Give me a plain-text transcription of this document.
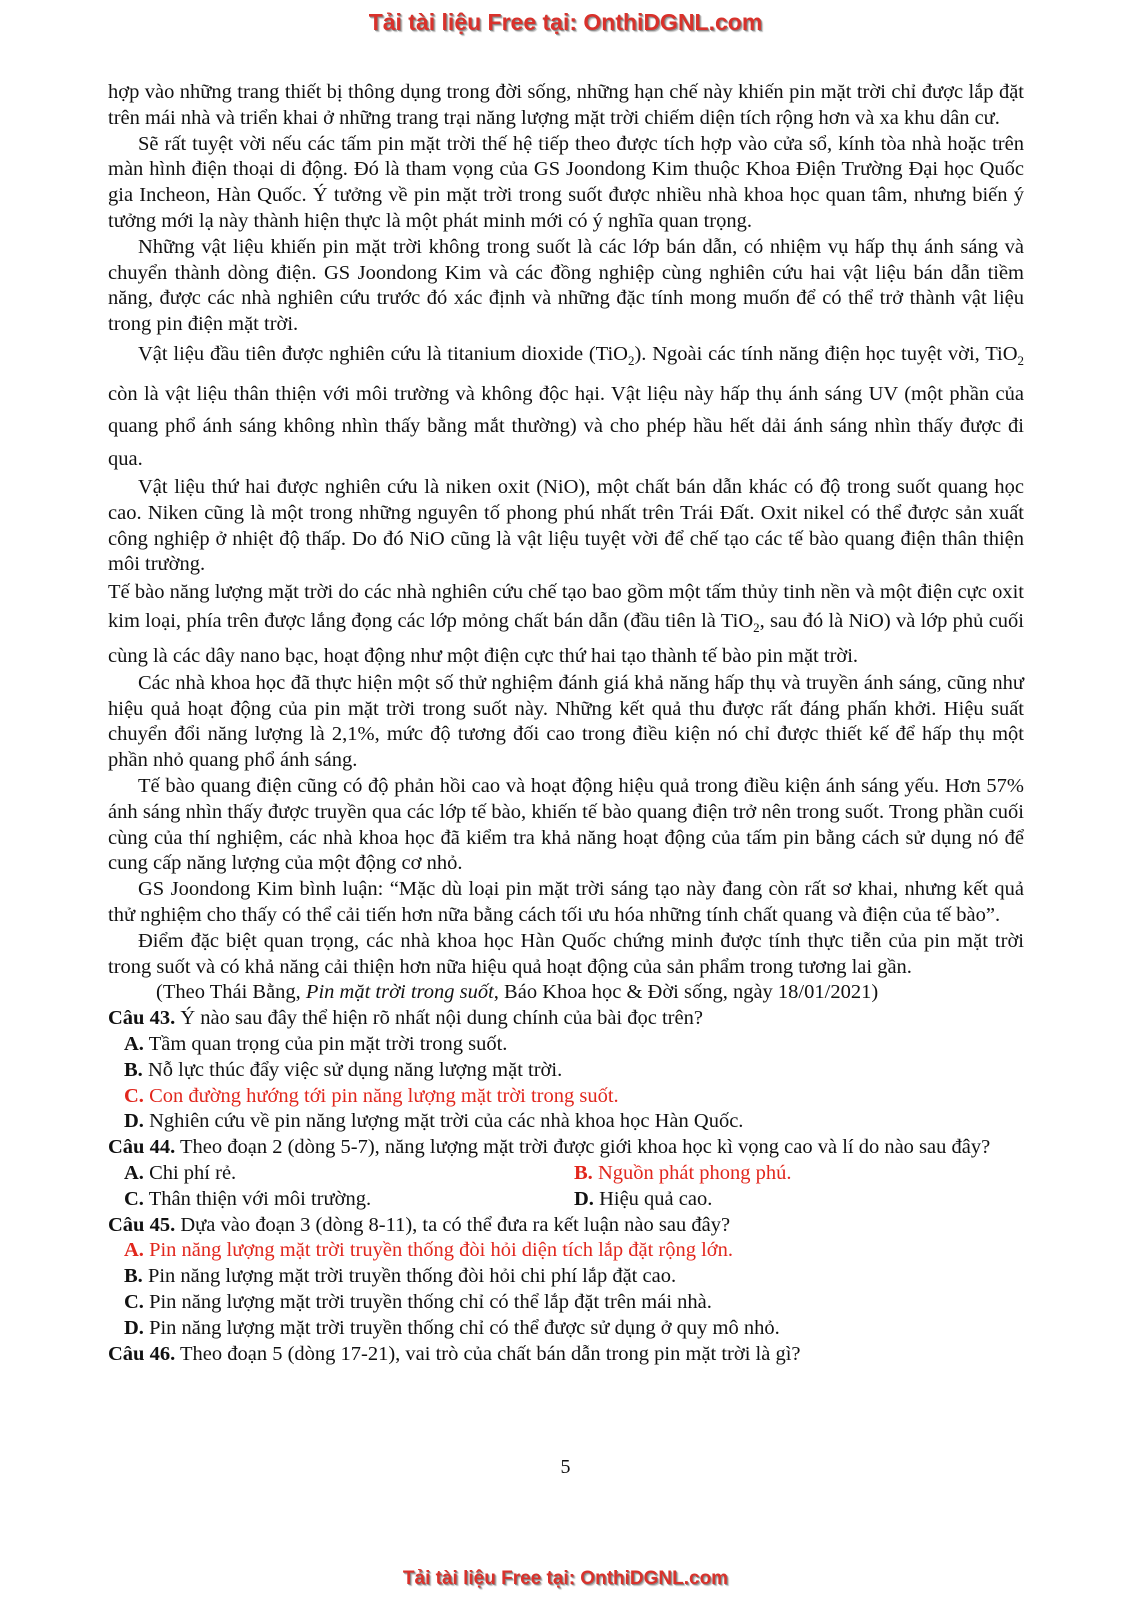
Tải tài liệu Free tại: OnthiDGNL.com

hợp vào những trang thiết bị thông dụng trong đời sống, những hạn chế này khiến pin mặt trời chỉ được lắp đặt trên mái nhà và triển khai ở những trang trại năng lượng mặt trời chiếm diện tích rộng hơn và xa khu dân cư.

Sẽ rất tuyệt vời nếu các tấm pin mặt trời thế hệ tiếp theo được tích hợp vào cửa sổ, kính tòa nhà hoặc trên màn hình điện thoại di động. Đó là tham vọng của GS Joondong Kim thuộc Khoa Điện Trường Đại học Quốc gia Incheon, Hàn Quốc. Ý tưởng về pin mặt trời trong suốt được nhiều nhà khoa học quan tâm, nhưng biến ý tưởng mới lạ này thành hiện thực là một phát minh mới có ý nghĩa quan trọng.

Những vật liệu khiến pin mặt trời không trong suốt là các lớp bán dẫn, có nhiệm vụ hấp thụ ánh sáng và chuyển thành dòng điện. GS Joondong Kim và các đồng nghiệp cùng nghiên cứu hai vật liệu bán dẫn tiềm năng, được các nhà nghiên cứu trước đó xác định và những đặc tính mong muốn để có thể trở thành vật liệu trong pin điện mặt trời.

Vật liệu đầu tiên được nghiên cứu là titanium dioxide (TiO$_2$). Ngoài các tính năng điện học tuyệt vời, TiO$_2$ còn là vật liệu thân thiện với môi trường và không độc hại. Vật liệu này hấp thụ ánh sáng UV (một phần của quang phổ ánh sáng không nhìn thấy bằng mắt thường) và cho phép hầu hết dải ánh sáng nhìn thấy được đi qua.

Vật liệu thứ hai được nghiên cứu là niken oxit (NiO), một chất bán dẫn khác có độ trong suốt quang học cao. Niken cũng là một trong những nguyên tố phong phú nhất trên Trái Đất. Oxit nikel có thể được sản xuất công nghiệp ở nhiệt độ thấp. Do đó NiO cũng là vật liệu tuyệt vời để chế tạo các tế bào quang điện thân thiện môi trường.

Tế bào năng lượng mặt trời do các nhà nghiên cứu chế tạo bao gồm một tấm thủy tinh nền và một điện cực oxit kim loại, phía trên được lắng đọng các lớp mỏng chất bán dẫn (đầu tiên là TiO$_2$, sau đó là NiO) và lớp phủ cuối cùng là các dây nano bạc, hoạt động như một điện cực thứ hai tạo thành tế bào pin mặt trời.

Các nhà khoa học đã thực hiện một số thử nghiệm đánh giá khả năng hấp thụ và truyền ánh sáng, cũng như hiệu quả hoạt động của pin mặt trời trong suốt này. Những kết quả thu được rất đáng phấn khởi. Hiệu suất chuyển đổi năng lượng là 2,1%, mức độ tương đối cao trong điều kiện nó chỉ được thiết kế để hấp thụ một phần nhỏ quang phổ ánh sáng.

Tế bào quang điện cũng có độ phản hồi cao và hoạt động hiệu quả trong điều kiện ánh sáng yếu. Hơn 57% ánh sáng nhìn thấy được truyền qua các lớp tế bào, khiến tế bào quang điện trở nên trong suốt. Trong phần cuối cùng của thí nghiệm, các nhà khoa học đã kiểm tra khả năng hoạt động của tấm pin bằng cách sử dụng nó để cung cấp năng lượng của một động cơ nhỏ.

GS Joondong Kim bình luận: “Mặc dù loại pin mặt trời sáng tạo này đang còn rất sơ khai, nhưng kết quả thử nghiệm cho thấy có thể cải tiến hơn nữa bằng cách tối ưu hóa những tính chất quang và điện của tế bào”.

Điểm đặc biệt quan trọng, các nhà khoa học Hàn Quốc chứng minh được tính thực tiễn của pin mặt trời trong suốt và có khả năng cải thiện hơn nữa hiệu quả hoạt động của sản phẩm trong tương lai gần.

(Theo Thái Bằng, Pin mặt trời trong suốt, Báo Khoa học & Đời sống, ngày 18/01/2021)

Câu 43. Ý nào sau đây thể hiện rõ nhất nội dung chính của bài đọc trên?

A. Tầm quan trọng của pin mặt trời trong suốt.

B. Nỗ lực thúc đẩy việc sử dụng năng lượng mặt trời.

C. Con đường hướng tới pin năng lượng mặt trời trong suốt.

D. Nghiên cứu về pin năng lượng mặt trời của các nhà khoa học Hàn Quốc.

Câu 44. Theo đoạn 2 (dòng 5-7), năng lượng mặt trời được giới khoa học kì vọng cao và lí do nào sau đây?

A. Chi phí rẻ.	B. Nguồn phát phong phú.
C. Thân thiện với môi trường.	D. Hiệu quả cao.

Câu 45. Dựa vào đoạn 3 (dòng 8-11), ta có thể đưa ra kết luận nào sau đây?

A. Pin năng lượng mặt trời truyền thống đòi hỏi diện tích lắp đặt rộng lớn.

B. Pin năng lượng mặt trời truyền thống đòi hỏi chi phí lắp đặt cao.

C. Pin năng lượng mặt trời truyền thống chỉ có thể lắp đặt trên mái nhà.

D. Pin năng lượng mặt trời truyền thống chỉ có thể được sử dụng ở quy mô nhỏ.

Câu 46. Theo đoạn 5 (dòng 17-21), vai trò của chất bán dẫn trong pin mặt trời là gì?

5
Tải tài liệu Free tại: OnthiDGNL.com
